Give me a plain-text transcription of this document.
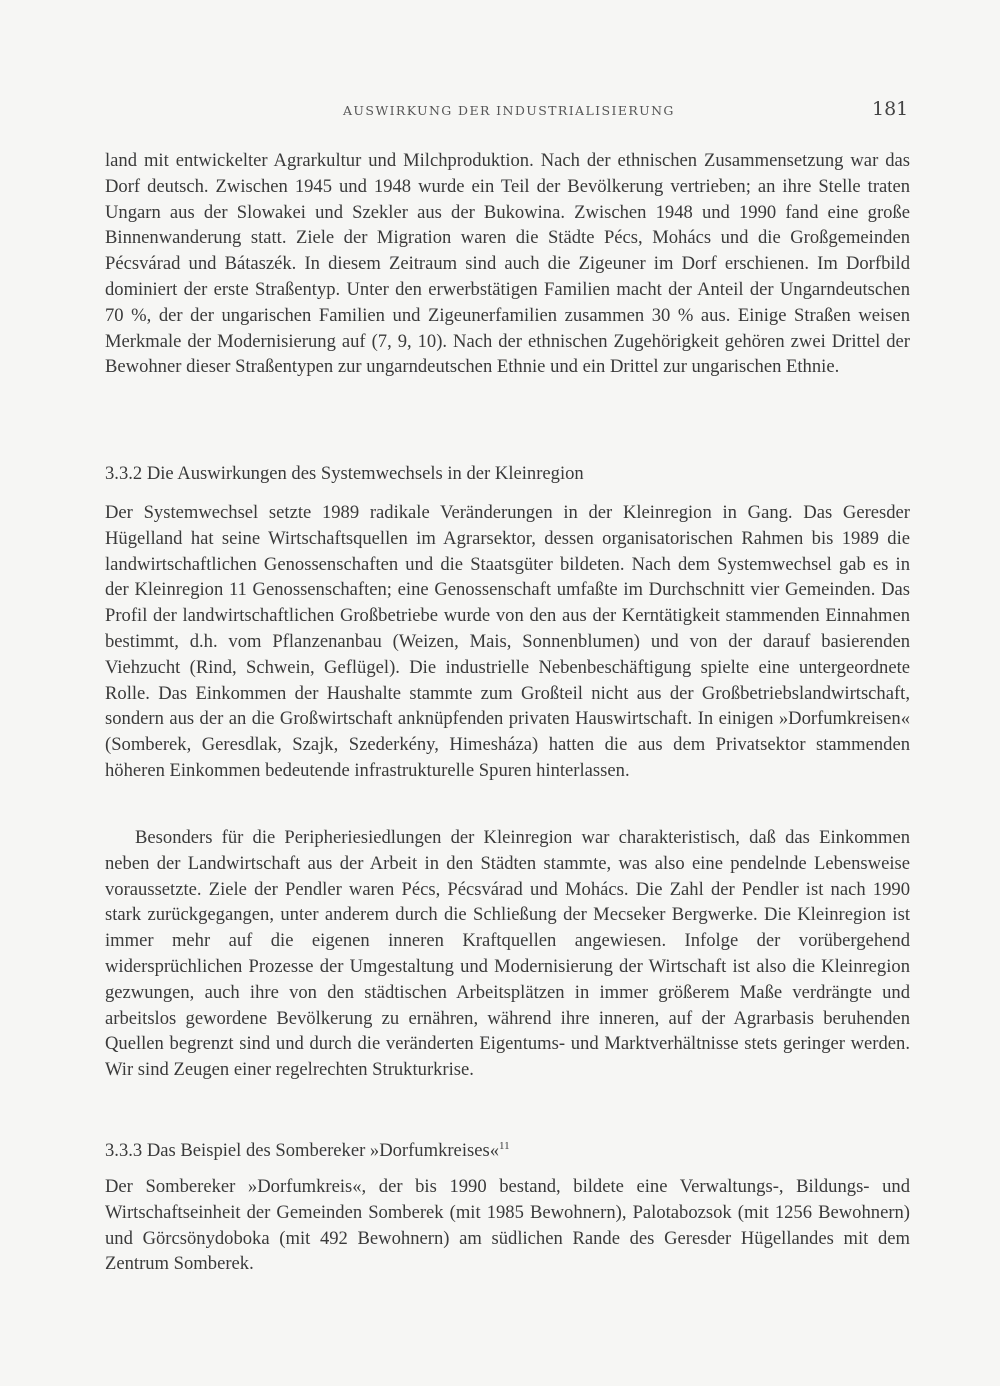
AUSWIRKUNG DER INDUSTRIALISIERUNG	181

land mit entwickelter Agrarkultur und Milchproduktion. Nach der ethnischen Zusammensetzung war das Dorf deutsch. Zwischen 1945 und 1948 wurde ein Teil der Bevölkerung vertrieben; an ihre Stelle traten Ungarn aus der Slowakei und Szekler aus der Bukowina. Zwischen 1948 und 1990 fand eine große Binnenwanderung statt. Ziele der Migration waren die Städte Pécs, Mohács und die Großgemeinden Pécsvárad und Bátaszék. In diesem Zeitraum sind auch die Zigeuner im Dorf erschienen. Im Dorfbild dominiert der erste Straßentyp. Unter den erwerbstätigen Familien macht der Anteil der Ungarndeutschen 70 %, der der ungarischen Familien und Zigeunerfamilien zusammen 30 % aus. Einige Straßen weisen Merkmale der Modernisierung auf (7, 9, 10). Nach der ethnischen Zugehörigkeit gehören zwei Drittel der Bewohner dieser Straßentypen zur ungarndeutschen Ethnie und ein Drittel zur ungarischen Ethnie.

3.3.2 Die Auswirkungen des Systemwechsels in der Kleinregion

Der Systemwechsel setzte 1989 radikale Veränderungen in der Kleinregion in Gang. Das Geresder Hügelland hat seine Wirtschaftsquellen im Agrarsektor, dessen organisatorischen Rahmen bis 1989 die landwirtschaftlichen Genossenschaften und die Staatsgüter bildeten. Nach dem Systemwechsel gab es in der Kleinregion 11 Genossenschaften; eine Genossenschaft umfaßte im Durchschnitt vier Gemeinden. Das Profil der landwirtschaftlichen Großbetriebe wurde von den aus der Kerntätigkeit stammenden Einnahmen bestimmt, d.h. vom Pflanzenanbau (Weizen, Mais, Sonnenblumen) und von der darauf basierenden Viehzucht (Rind, Schwein, Geflügel). Die industrielle Nebenbeschäftigung spielte eine untergeordnete Rolle. Das Einkommen der Haushalte stammte zum Großteil nicht aus der Großbetriebslandwirtschaft, sondern aus der an die Großwirtschaft anknüpfenden privaten Hauswirtschaft. In einigen »Dorfumkreisen« (Somberek, Geresdlak, Szajk, Szederkény, Himesháza) hatten die aus dem Privatsektor stammenden höheren Einkommen bedeutende infrastrukturelle Spuren hinterlassen.

Besonders für die Peripheriesiedlungen der Kleinregion war charakteristisch, daß das Einkommen neben der Landwirtschaft aus der Arbeit in den Städten stammte, was also eine pendelnde Lebensweise voraussetzte. Ziele der Pendler waren Pécs, Pécsvárad und Mohács. Die Zahl der Pendler ist nach 1990 stark zurückgegangen, unter anderem durch die Schließung der Mecseker Bergwerke. Die Kleinregion ist immer mehr auf die eigenen inneren Kraftquellen angewiesen. Infolge der vorübergehend widersprüchlichen Prozesse der Umgestaltung und Modernisierung der Wirtschaft ist also die Kleinregion gezwungen, auch ihre von den städtischen Arbeitsplätzen in immer größerem Maße verdrängte und arbeitslos gewordene Bevölkerung zu ernähren, während ihre inneren, auf der Agrarbasis beruhenden Quellen begrenzt sind und durch die veränderten Eigentums- und Marktverhältnisse stets geringer werden. Wir sind Zeugen einer regelrechten Strukturkrise.

3.3.3 Das Beispiel des Sombereker »Dorfumkreises«$^{11}$

Der Sombereker »Dorfumkreis«, der bis 1990 bestand, bildete eine Verwaltungs-, Bildungs- und Wirtschaftseinheit der Gemeinden Somberek (mit 1985 Bewohnern), Palotabozsok (mit 1256 Bewohnern) und Görcsönydoboka (mit 492 Bewohnern) am südlichen Rande des Geresder Hügellandes mit dem Zentrum Somberek.
